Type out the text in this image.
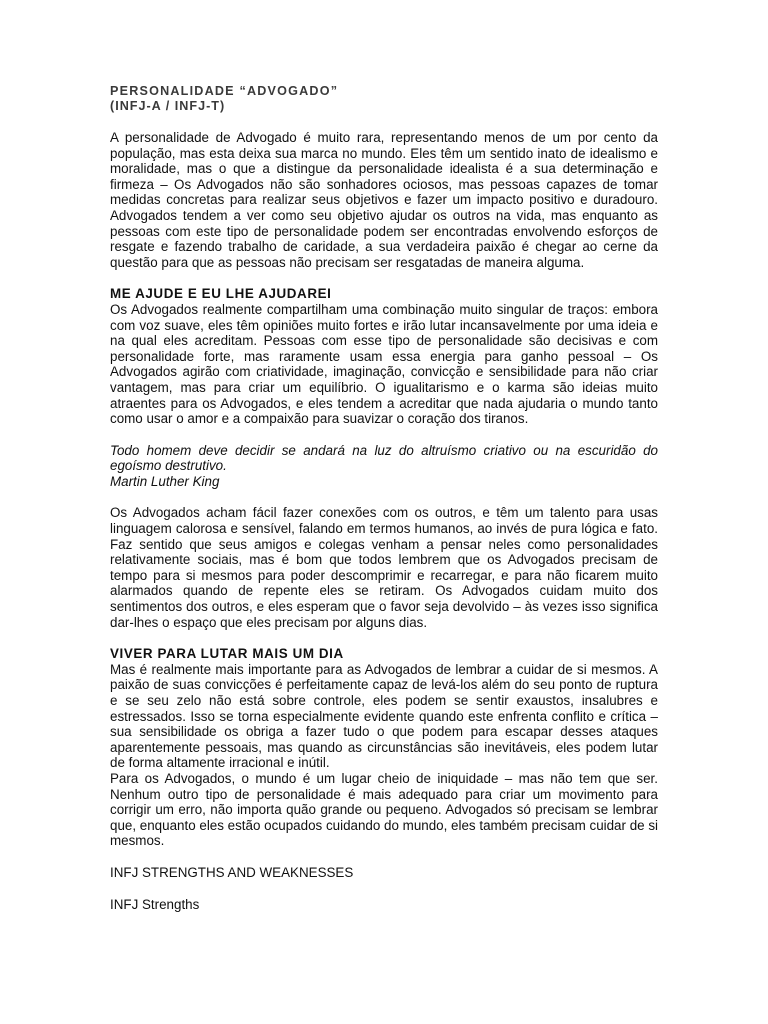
PERSONALIDADE “ADVOGADO”
(INFJ-A / INFJ-T)

A personalidade de Advogado é muito rara, representando menos de um por cento da população, mas esta deixa sua marca no mundo. Eles têm um sentido inato de idealismo e moralidade, mas o que a distingue da personalidade idealista é a sua determinação e firmeza – Os Advogados não são sonhadores ociosos, mas pessoas capazes de tomar medidas concretas para realizar seus objetivos e fazer um impacto positivo e duradouro. Advogados tendem a ver como seu objetivo ajudar os outros na vida, mas enquanto as pessoas com este tipo de personalidade podem ser encontradas envolvendo esforços de resgate e fazendo trabalho de caridade, a sua verdadeira paixão é chegar ao cerne da questão para que as pessoas não precisam ser resgatadas de maneira alguma.

ME AJUDE E EU LHE AJUDAREI

Os Advogados realmente compartilham uma combinação muito singular de traços: embora com voz suave, eles têm opiniões muito fortes e irão lutar incansavelmente por uma ideia e na qual eles acreditam. Pessoas com esse tipo de personalidade são decisivas e com personalidade forte, mas raramente usam essa energia para ganho pessoal – Os Advogados agirão com criatividade, imaginação, convicção e sensibilidade para não criar vantagem, mas para criar um equilíbrio. O igualitarismo e o karma são ideias muito atraentes para os Advogados, e eles tendem a acreditar que nada ajudaria o mundo tanto como usar o amor e a compaixão para suavizar o coração dos tiranos.

Todo homem deve decidir se andará na luz do altruísmo criativo ou na escuridão do egoísmo destrutivo.

Martin Luther King

Os Advogados acham fácil fazer conexões com os outros, e têm um talento para usas linguagem calorosa e sensível, falando em termos humanos, ao invés de pura lógica e fato. Faz sentido que seus amigos e colegas venham a pensar neles como personalidades relativamente sociais, mas é bom que todos lembrem que os Advogados precisam de tempo para si mesmos para poder descomprimir e recarregar, e para não ficarem muito alarmados quando de repente eles se retiram. Os Advogados cuidam muito dos sentimentos dos outros, e eles esperam que o favor seja devolvido – às vezes isso significa dar-lhes o espaço que eles precisam por alguns dias.

VIVER PARA LUTAR MAIS UM DIA

Mas é realmente mais importante para as Advogados de lembrar a cuidar de si mesmos. A paixão de suas convicções é perfeitamente capaz de levá-los além do seu ponto de ruptura e se seu zelo não está sobre controle, eles podem se sentir exaustos, insalubres e estressados. Isso se torna especialmente evidente quando este enfrenta conflito e crítica – sua sensibilidade os obriga a fazer tudo o que podem para escapar desses ataques aparentemente pessoais, mas quando as circunstâncias são inevitáveis, eles podem lutar de forma altamente irracional e inútil.

Para os Advogados, o mundo é um lugar cheio de iniquidade – mas não tem que ser. Nenhum outro tipo de personalidade é mais adequado para criar um movimento para corrigir um erro, não importa quão grande ou pequeno. Advogados só precisam se lembrar que, enquanto eles estão ocupados cuidando do mundo, eles também precisam cuidar de si mesmos.

INFJ STRENGTHS AND WEAKNESSES

INFJ Strengths
